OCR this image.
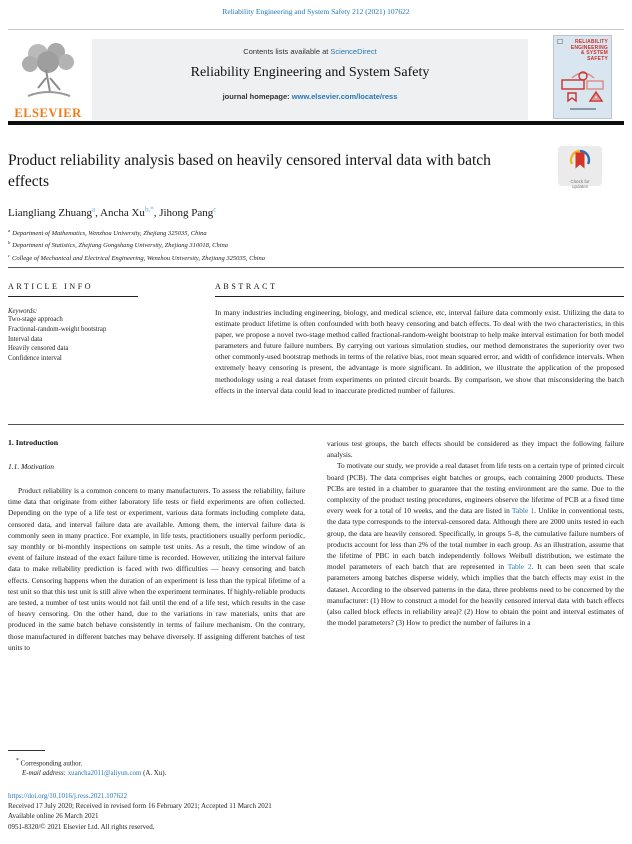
Reliability Engineering and System Safety 212 (2021) 107622
ELSEVIER
Contents lists available at ScienceDirect
Reliability Engineering and System Safety
journal homepage: www.elsevier.com/locate/ress
RELIABILITY
ENGINEERING
& SYSTEM
SAFETY
Product reliability analysis based on heavily censored interval data with batch effects	Check for
updates
Liangliang Zhuang$^a$, Ancha $Xu^{b,*}$, Jihong Pang$^c$
$^a$ Department of Mathematics, Wenzhou University, Zhejiang 325035, China
$^b$ Department of Statistics, Zhejiang Gongshang University, Zhejiang 310018, China
$^c$ College of Mechanical and Electrical Engineering, Wenzhou University, Zhejiang 325035, China
ARTICLE INFO
Keywords:
Two-stage approach
Fractional-random-weight bootstrap
Interval data
Heavily censored data
Confidence interval
ABSTRACT
In many industries including engineering, biology, and medical science, etc, interval failure data commonly exist. Utilizing the data to estimate product lifetime is often confounded with both heavy censoring and batch effects. To deal with the two characteristics, in this paper, we propose a novel two-stage method called fractional-random-weight bootstrap to help make interval estimation for both model parameters and future failure numbers. By carrying out various simulation studies, our method demonstrates the superiority over two other commonly-used bootstrap methods in terms of the relative bias, root mean squared error, and width of confidence intervals. When extremely heavy censoring is present, the advantage is more significant. In addition, we illustrate the application of the proposed methodology using a real dataset from experiments on printed circuit boards. By comparison, we show that misconsidering the batch effects in the interval data could lead to inaccurate predicted number of failures.
1. Introduction
1.1. Motivation
Product reliability is a common concern to many manufacturers. To assess the reliability, failure time data that originate from either laboratory life tests or field experiments are often collected. Depending on the type of a life test or experiment, various data formats including complete data, censored data, and interval failure data are available. Among them, the interval failure data is commonly seen in many practice. For example, in life tests, practitioners usually perform periodic, say monthly or bi-monthly inspections on sample test units. As a result, the time window of an event of failure instead of the exact failure time is recorded. However, utilizing the interval failure data to make reliability prediction is faced with two difficulties — heavy censoring and batch effects. Censoring happens when the duration of an experiment is less than the typical lifetime of a test unit so that this test unit is still alive when the experiment terminates. If highly-reliable products are tested, a number of test units would not fail until the end of a life test, which results in the case of heavy censoring. On the other hand, due to the variations in raw materials, units that are produced in the same batch behave consistently in terms of failure mechanism. On the contrary, those manufactured in different batches may behave diversely. If assigning different batches of test units to
various test groups, the batch effects should be considered as they impact the following failure analysis.
To motivate our study, we provide a real dataset from life tests on a certain type of printed circuit board (PCB). The data comprises eight batches or groups, each containing 2000 products. These PCBs are tested in a chamber to guarantee that the testing environment are the same. Due to the complexity of the product testing procedures, engineers observe the lifetime of PCB at a fixed time every week for a total of 10 weeks, and the data are listed in Table 1. Unlike in conventional tests, the data type corresponds to the interval-censored data. Although there are 2000 units tested in each group, the data are heavily censored. Specifically, in groups 5–8, the cumulative failure numbers of products account for less than 2% of the total number in each group. As an illustration, assume that the lifetime of PBC in each batch independently follows Weibull distribution, we estimate the model parameters of each batch that are represented in Table 2. It can been seen that scale parameters among batches disperse widely, which implies that the batch effects may exist in the dataset. According to the observed patterns in the data, three problems need to be concerned by the manufacturer: (1) How to construct a model for the heavily censored interval data with batch effects (also called block effects in reliability area)? (2) How to obtain the point and interval estimates of the model parameters? (3) How to predict the number of failures in a
* Corresponding author.
E-mail address: xuancha2011@aliyun.com (A. Xu).
https://doi.org/10.1016/j.ress.2021.107622
Received 17 July 2020; Received in revised form 16 February 2021; Accepted 11 March 2021
Available online 26 March 2021
0951-8320/© 2021 Elsevier Ltd. All rights reserved.
